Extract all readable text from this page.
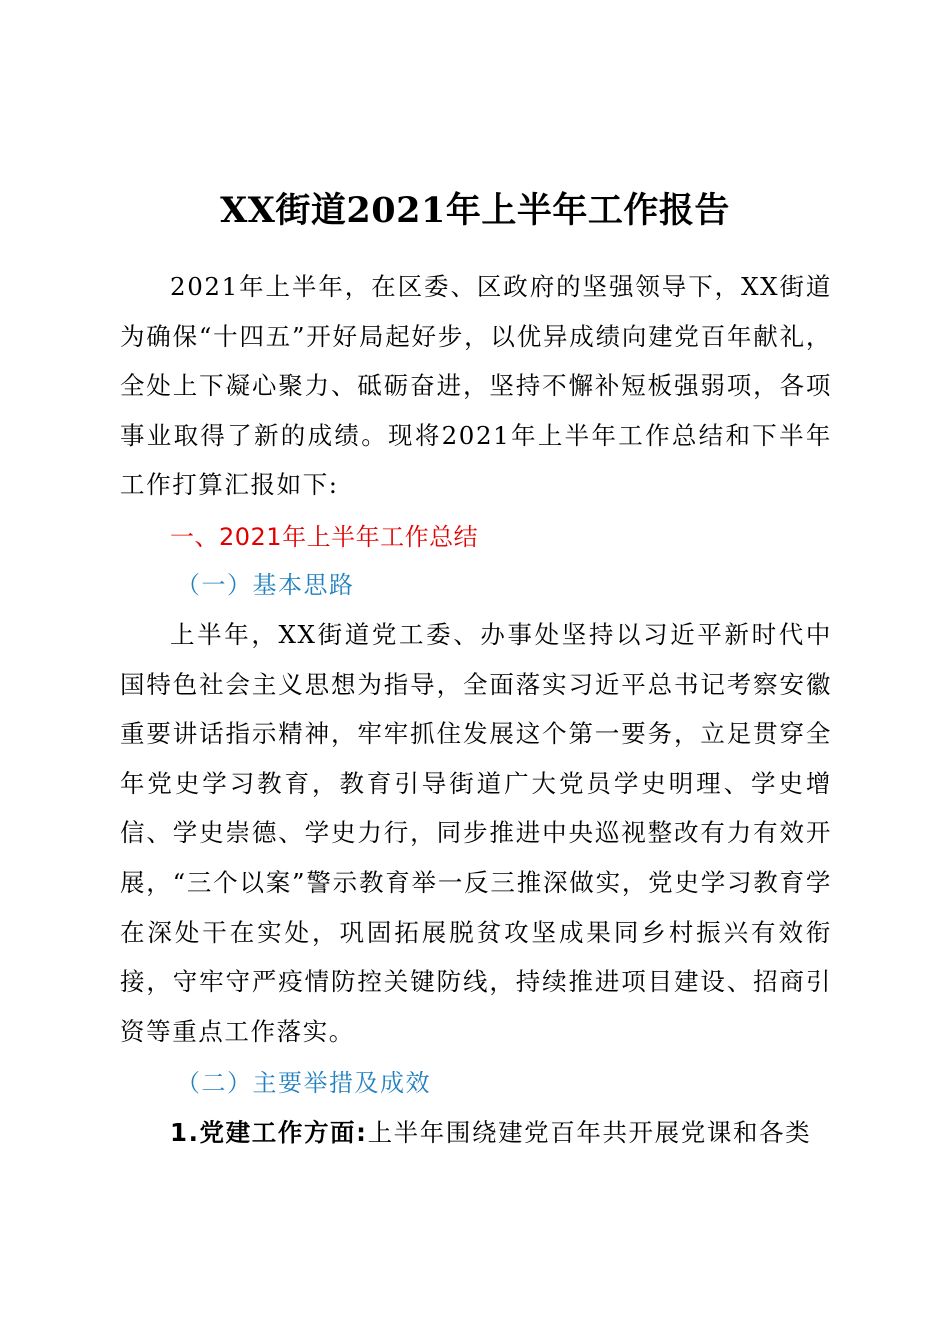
XX街道2021年上半年工作报告

2021年上半年，在区委、区政府的坚强领导下，XX街道为确保“十四五”开好局起好步，以优异成绩向建党百年献礼，全处上下凝心聚力、砥砺奋进，坚持不懈补短板强弱项，各项事业取得了新的成绩。现将2021年上半年工作总结和下半年工作打算汇报如下:

一、2021年上半年工作总结
（一）基本思路

上半年，XX街道党工委、办事处坚持以习近平新时代中国特色社会主义思想为指导，全面落实习近平总书记考察安徽重要讲话指示精神，牢牢抓住发展这个第一要务，立足贯穿全年党史学习教育，教育引导街道广大党员学史明理、学史增信、学史崇德、学史力行，同步推进中央巡视整改有力有效开展，“三个以案”警示教育举一反三推深做实，党史学习教育学在深处干在实处，巩固拓展脱贫攻坚成果同乡村振兴有效衔接，守牢守严疫情防控关键防线，持续推进项目建设、招商引资等重点工作落实。

（二）主要举措及成效

1.党建工作方面:上半年围绕建党百年共开展党课和各类
